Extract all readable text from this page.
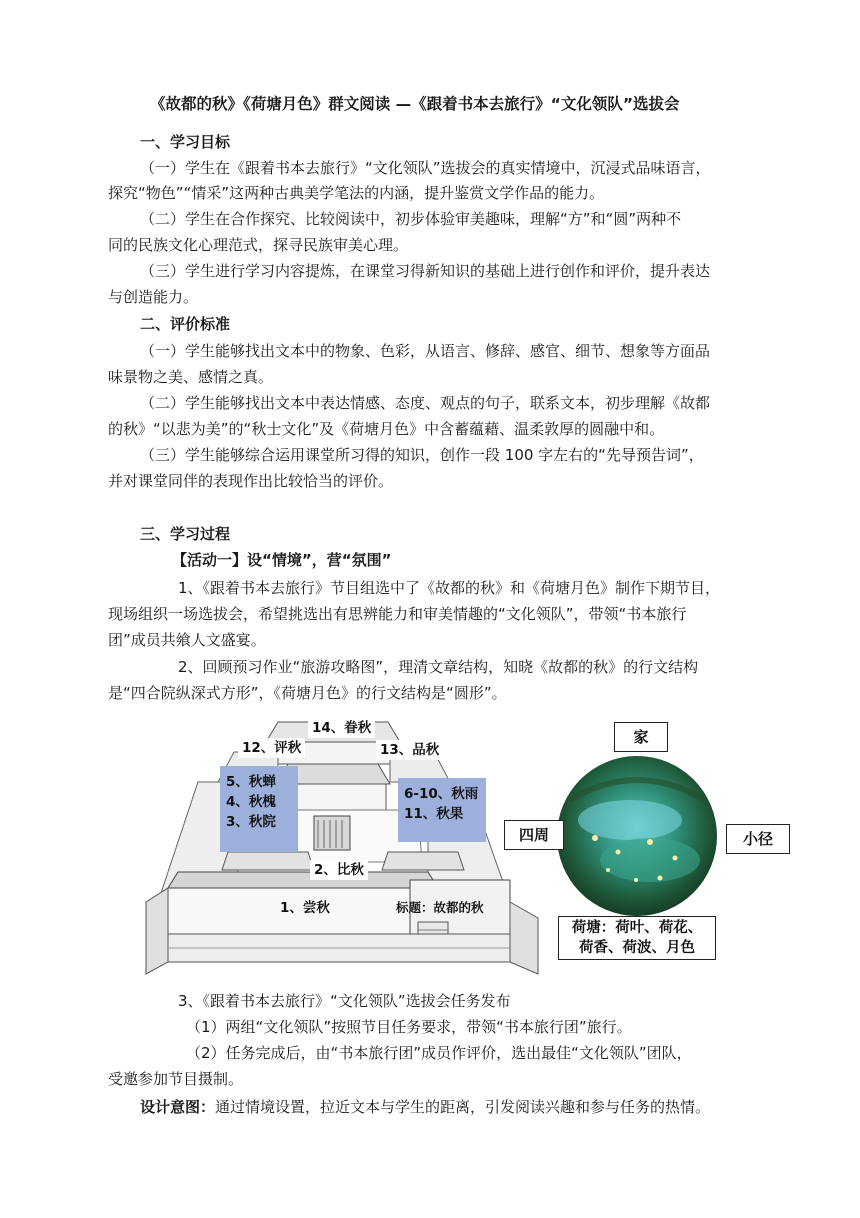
《故都的秋》《荷塘月色》群文阅读 —《跟着书本去旅行》“文化领队”选拔会
一、学习目标
（一）学生在《跟着书本去旅行》“文化领队”选拔会的真实情境中，沉浸式品味语言，
探究“物色”“情采”这两种古典美学笔法的内涵，提升鉴赏文学作品的能力。
（二）学生在合作探究、比较阅读中，初步体验审美趣味，理解“方”和“圆”两种不
同的民族文化心理范式，探寻民族审美心理。
（三）学生进行学习内容提炼，在课堂习得新知识的基础上进行创作和评价，提升表达
与创造能力。
二、评价标准
（一）学生能够找出文本中的物象、色彩，从语言、修辞、感官、细节、想象等方面品
味景物之美、感情之真。
（二）学生能够找出文本中表达情感、态度、观点的句子，联系文本，初步理解《故都
的秋》“以悲为美”的“秋士文化”及《荷塘月色》中含蓄蕴藉、温柔敦厚的圆融中和。
（三）学生能够综合运用课堂所习得的知识，创作一段 100 字左右的“先导预告词”，
并对课堂同伴的表现作出比较恰当的评价。
三、学习过程
【活动一】设“情境”，营“氛围”
1、《跟着书本去旅行》节目组选中了《故都的秋》和《荷塘月色》制作下期节目，
现场组织一场选拔会，希望挑选出有思辨能力和审美情趣的“文化领队”，带领“书本旅行
团”成员共飨人文盛宴。
2、回顾预习作业“旅游攻略图”，理清文章结构，知晓《故都的秋》的行文结构
是“四合院纵深式方形”，《荷塘月色》的行文结构是“圆形”。
14、眷秋
12、评秋	13、品秋
5、秋蝉
4、秋槐
3、秋院
6-10、秋雨
11、秋果
2、比秋
1、尝秋	标题：故都的秋
家
四周	小径
荷塘：荷叶、荷花、
荷香、荷波、月色
3、《跟着书本去旅行》“文化领队”选拔会任务发布
（1）两组“文化领队”按照节目任务要求，带领“书本旅行团”旅行。
（2）任务完成后，由“书本旅行团”成员作评价，选出最佳“文化领队”团队，
受邀参加节目摄制。
设计意图：通过情境设置，拉近文本与学生的距离，引发阅读兴趣和参与任务的热情。
